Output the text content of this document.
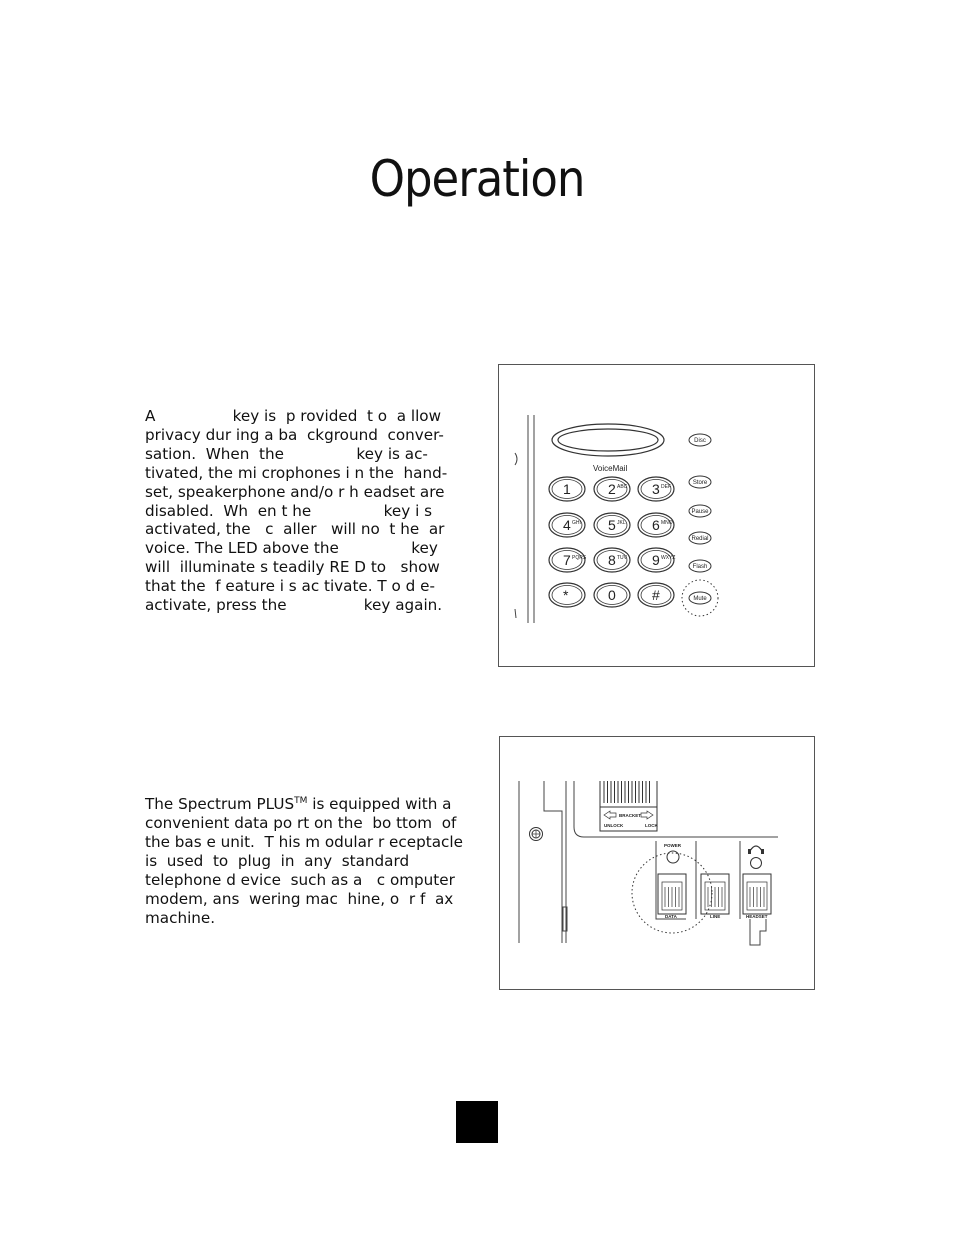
Operation
A                key is  p rovided  t o  a llow
privacy dur ing a ba  ckground  conver-
sation.  When  the               key is ac-
tivated, the mi crophones i n the  hand-
set, speakerphone and/o r h eadset are
disabled.  Wh  en t he               key i s
activated, the   c  aller   will no  t he  ar
voice. The LED above the               key
will  illuminate s teadily RE D to   show
that the  f eature i s ac tivate. T o d e-
activate, press the                key again.
The Spectrum PLUS™ is equipped with a
convenient data po rt on the  bo ttom  of
the bas e unit.  T his m odular r eceptacle
is  used  to  plug  in  any  standard
telephone d evice  such as a   c omputer
modem, ans  wering mac  hine, o  r f  ax
machine.
VoiceMail
1	2 ABC 3 DEF
4 GHI 5 JKL 6 MNO
7 PQRS 8 TUV 9 WXYZ
*	0	#
Disc
Store
Pause
Redial
Flash
Mute
BRACKET
UNLOCK	LOCK
POWER
DATA	LINE	HEADSET
